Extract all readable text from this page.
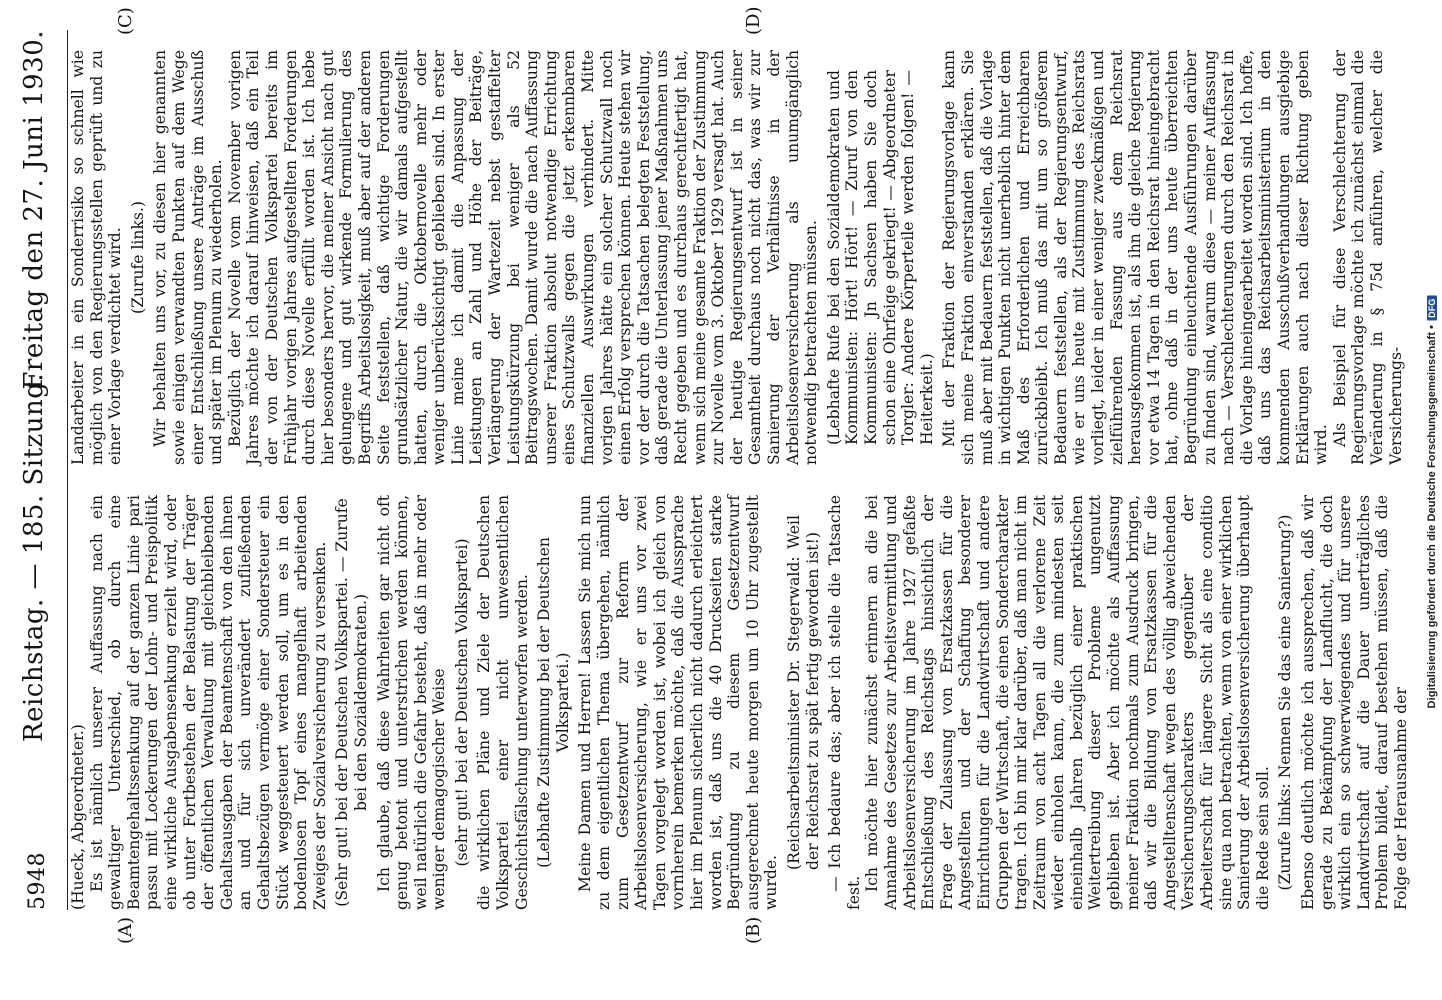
5948
Reichstag. — 185. Sitzung.
Freitag den 27. Juni 1930.
(A)	(B)
(C)	(D)

(Hueck, Abgeordneter.) Es ist nämlich unserer Auffassung nach ein gewaltiger Unterschied, ob durch eine Beamtengehaltssenkung auf der ganzen Linie pari passu mit Lockerungen der Lohn- und Preispolitik eine wirkliche Ausgabensenkung erzielt wird, oder ob unter Fortbestehen der Belastung der Träger der öffentlichen Verwaltung mit gleichbleibenden Gehaltsausgaben der Beamtenschaft von den ihnen an und für sich unverändert zufließenden Gehaltsbezügen vermöge einer Sondersteuer ein Stück weggesteuert werden soll, um es in den bodenlosen Topf eines mangelhaft arbeitenden Zweiges der Sozialversicherung zu versenken. (Sehr gut! bei der Deutschen Volkspartei. — Zurufe bei den Sozialdemokraten.) Ich glaube, daß diese Wahrheiten gar nicht oft genug betont und unterstrichen werden können, weil natürlich die Gefahr besteht, daß in mehr oder weniger demagogischer Weise (sehr gut! bei der Deutschen Volkspartei) die wirklichen Pläne und Ziele der Deutschen Volkspartei einer nicht unwesentlichen Geschichtsfälschung unterworfen werden. (Lebhafte Zustimmung bei der Deutschen Volkspartei.) Meine Damen und Herren! Lassen Sie mich nun zu dem eigentlichen Thema übergehen, nämlich zum Gesetzentwurf zur Reform der Arbeitslosenversicherung, wie er uns vor zwei Tagen vorgelegt worden ist, wobei ich gleich von vornherein bemerken möchte, daß die Aussprache hier im Plenum sicherlich nicht dadurch erleichtert worden ist, daß uns die 40 Druckseiten starke Begründung zu diesem Gesetzentwurf ausgerechnet heute morgen um 10 Uhr zugestellt wurde.

(Reichsarbeitsminister Dr. Stegerwald: Weil der Reichsrat zu spät fertig geworden ist!) — Ich bedaure das; aber ich stelle die Tatsache fest.

Ich möchte hier zunächst erinnern an die bei Annahme des Gesetzes zur Arbeitsvermittlung und Arbeitslosenversicherung im Jahre 1927 gefaßte Entschließung des Reichstags hinsichtlich der Frage der Zulassung von Ersatzkassen für die Angestellten und der Schaffung besonderer Einrichtungen für die Landwirtschaft und andere Gruppen der Wirtschaft, die einen Sondercharakter tragen. Ich bin mir klar darüber, daß man nicht im Zeitraum von acht Tagen all die verlorene Zeit wieder einholen kann, die zum mindesten seit eineinhalb Jahren bezüglich einer praktischen Weitertreibung dieser Probleme ungenutzt geblieben ist. Aber ich möchte als Auffassung meiner Fraktion nochmals zum Ausdruck bringen, daß wir die Bildung von Ersatzkassen für die Angestelltenschaft wegen des völlig abweichenden Versicherungscharakters gegenüber der Arbeiterschaft für längere Sicht als eine conditio sine qua non betrachten, wenn von einer wirklichen Sanierung der Arbeitslosenversicherung überhaupt die Rede sein soll. (Zurufe links: Nennen Sie das eine Sanierung?) Ebenso deutlich möchte ich aussprechen, daß wir gerade zu Bekämpfung der Landflucht, die doch wirklich ein so schwerwiegendes und für unsere Landwirtschaft auf die Dauer unerträgliches Problem bildet, darauf bestehen müssen, daß die Folge der Herausnahme der

Landarbeiter in ein Sonderrisiko so schnell wie möglich von den Regierungsstellen geprüft und zu einer Vorlage verdichtet wird. (Zurufe links.) Wir behalten uns vor, zu diesen hier genannten sowie einigen verwandten Punkten auf dem Wege einer Entschließung unsere Anträge im Ausschuß und später im Plenum zu wiederholen. Bezüglich der Novelle vom November vorigen Jahres möchte ich darauf hinweisen, daß ein Teil der von der Deutschen Volkspartei bereits im Frühjahr vorigen Jahres aufgestellten Forderungen durch diese Novelle erfüllt worden ist. Ich hebe hier besonders hervor, die meiner Ansicht nach gut gelungene und gut wirkende Formulierung des Begriffs Arbeitslosigkeit, muß aber auf der anderen Seite feststellen, daß wichtige Forderungen grundsätzlicher Natur, die wir damals aufgestellt hatten, durch die Oktobernovelle mehr oder weniger unberücksichtigt geblieben sind. In erster Linie meine ich damit die Anpassung der Leistungen an Zahl und Höhe der Beiträge, Verlängerung der Wartezeit nebst gestaffelter Leistungskürzung bei weniger als 52 Beitragswochen. Damit wurde die nach Auffassung unserer Fraktion absolut notwendige Errichtung eines Schutzwalls gegen die jetzt erkennbaren finanziellen Auswirkungen verhindert. Mitte vorigen Jahres hätte ein solcher Schutzwall noch einen Erfolg versprechen können. Heute stehen wir vor der durch die Tatsachen belegten Feststellung, daß gerade die Unterlassung jener Maßnahmen uns Recht gegeben und es durchaus gerechtfertigt hat, wenn sich meine gesamte Fraktion der Zustimmung zur Novelle vom 3. Oktober 1929 versagt hat. Auch der heutige Regierungsentwurf ist in seiner Gesamtheit durchaus noch nicht das, was wir zur Sanierung der Verhältnisse in der Arbeitslosenversicherung als unumgänglich notwendig betrachten müssen. (Lebhafte Rufe bei den Sozialdemokraten und Kommunisten: Hört! Hört! — Zuruf von den Kommunisten: Jn Sachsen haben Sie doch schon eine Ohrfeige gekriegt! — Abgeordneter Torgler: Andere Körperteile werden folgen! — Heiterkeit.) Mit der Fraktion der Regierungsvorlage kann sich meine Fraktion einverstanden erklären. Sie muß aber mit Bedauern feststellen, daß die Vorlage in wichtigen Punkten nicht unerheblich hinter dem Maß des Erforderlichen und Erreichbaren zurückbleibt. Ich muß das mit um so größerem Bedauern feststellen, als der Regierungsentwurf, wie er uns heute mit Zustimmung des Reichsrats vorliegt, leider in einer weniger zweckmäßigen und zielführenden Fassung aus dem Reichsrat herausgekommen ist, als ihn die gleiche Regierung vor etwa 14 Tagen in den Reichsrat hineingebracht hat, ohne daß in der uns heute überreichten Begründung einleuchtende Ausführungen darüber zu finden sind, warum diese — meiner Auffassung nach — Verschlechterungen durch den Reichsrat in die Vorlage hineingearbeitet worden sind. Ich hoffe, daß uns das Reichsarbeitsministerium in den kommenden Ausschußverhandlungen ausgiebige Erklärungen auch nach dieser Richtung geben wird. Als Beispiel für diese Verschlechterung der Regierungsvorlage möchte ich zunächst einmal die Veränderung in § 75d anführen, welcher die Versicherungs- Digitalisierung gefördert durch die Deutsche Forschungsgemeinschaft •DFG
